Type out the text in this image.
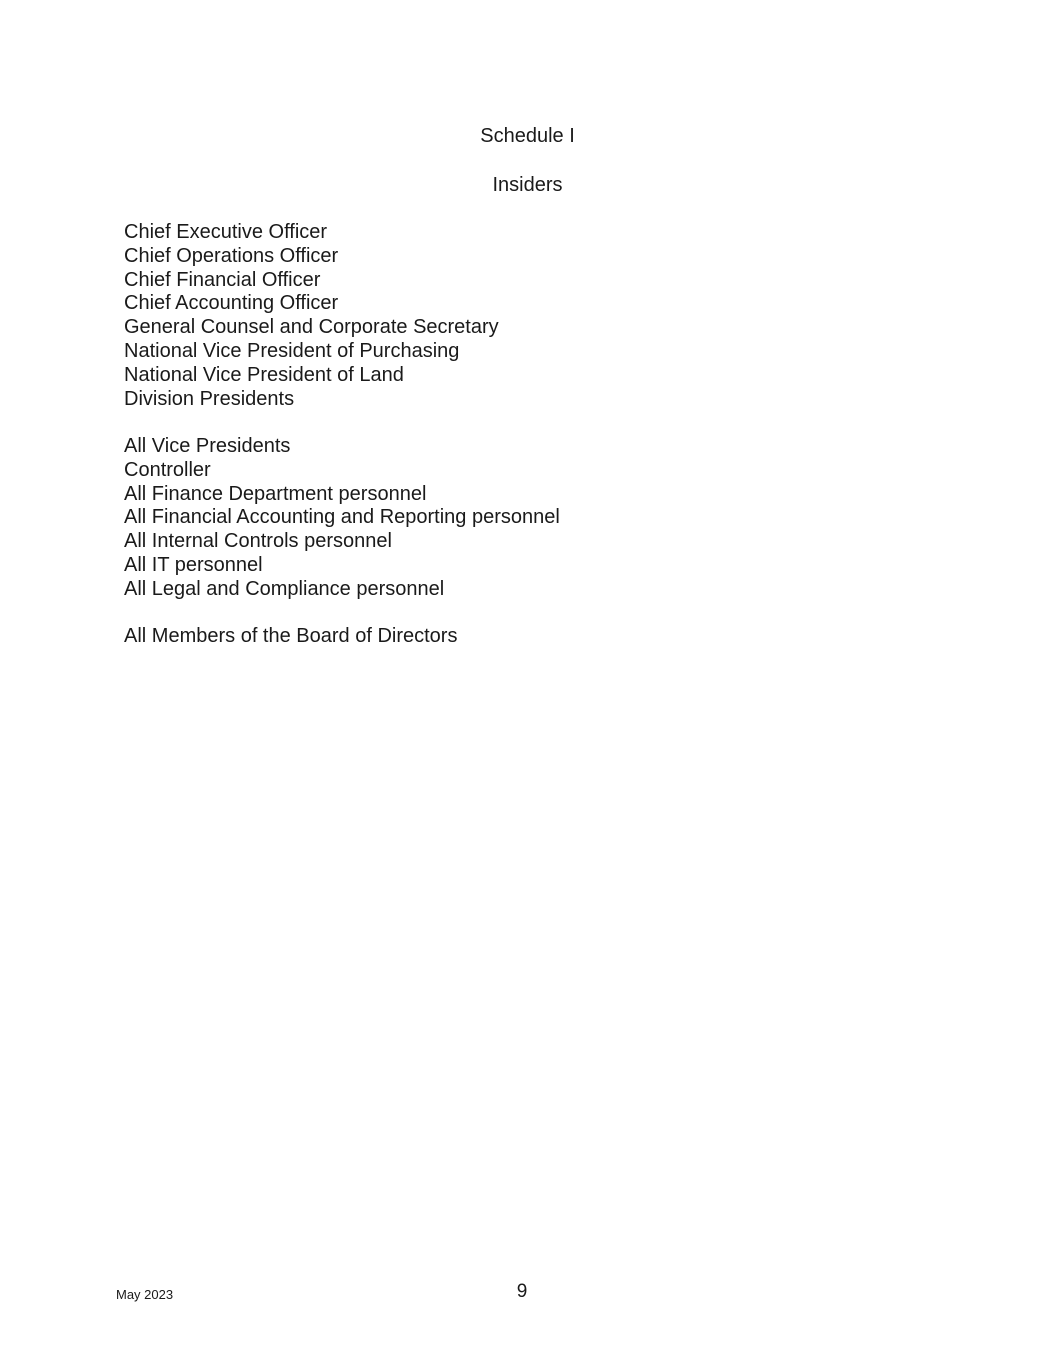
Schedule I
Insiders
Chief Executive Officer
Chief Operations Officer
Chief Financial Officer
Chief Accounting Officer
General Counsel and Corporate Secretary
National Vice President of Purchasing
National Vice President of Land
Division Presidents
All Vice Presidents
Controller
All Finance Department personnel
All Financial Accounting and Reporting personnel
All Internal Controls personnel
All IT personnel
All Legal and Compliance personnel
All Members of the Board of Directors
May 2023	9
